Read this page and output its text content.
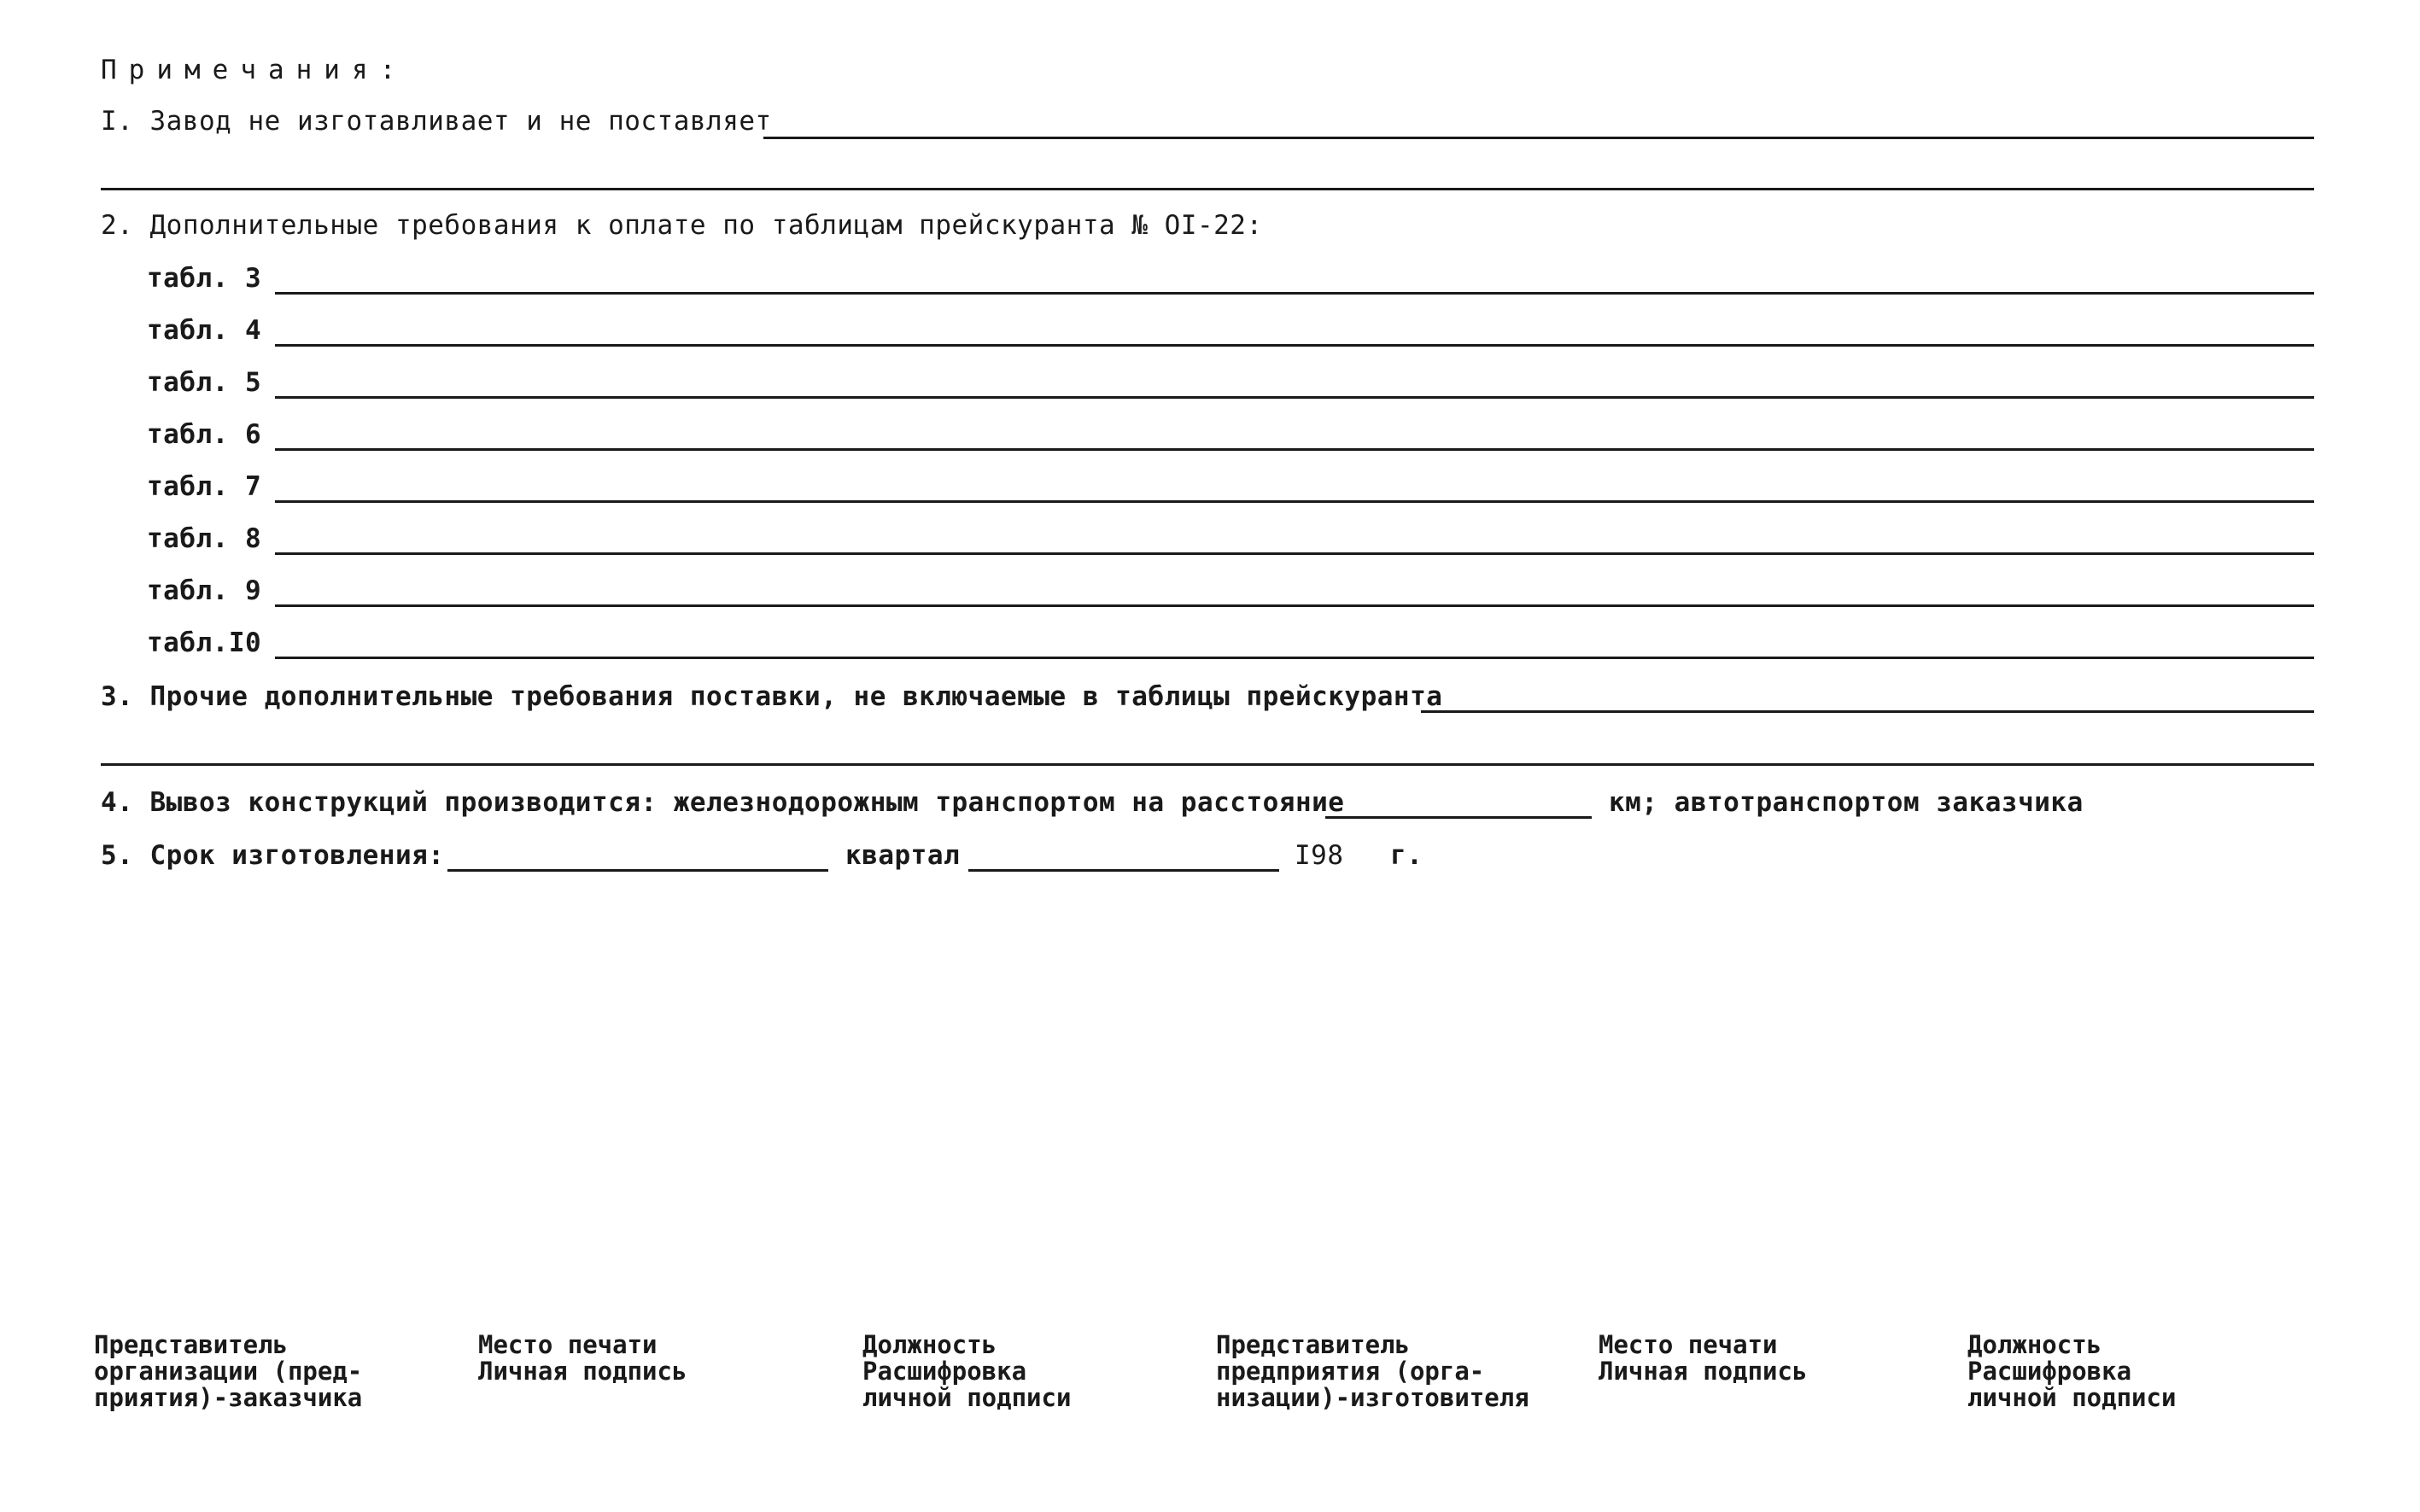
Примечания:
I. Завод не изготавливает и не поставляет
2. Дополнительные требования к оплате по таблицам прейскуранта № OI-22:
табл. 3
табл. 4
табл. 5
табл. 6
табл. 7
табл. 8
табл. 9
табл.I0
3. Прочие дополнительные требования поставки, не включаемые в таблицы прейскуранта
4. Вывоз конструкций производится: железнодорожным транспортом на расстояние	км; автотранспортом заказчика
5. Срок изготовления:	квартал	I98 г.
Представитель
организации (пред-
приятия)-заказчика
Место печати
Личная подпись
Должность
Расшифровка
личной подписи
Представитель
предприятия (орга-
низации)-изготовителя
Место печати
Личная подпись
Должность
Расшифровка
личной подписи
